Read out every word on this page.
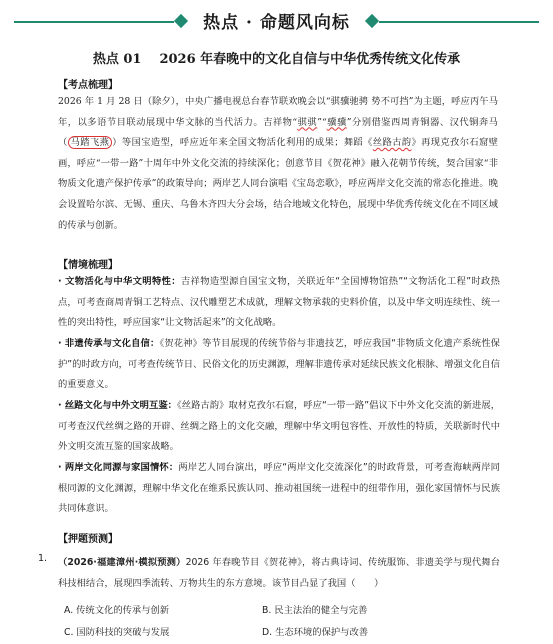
热点 · 命题风向标
热点 01 2026 年春晚中的文化自信与中华优秀传统文化传承
【考点梳理】
2026 年 1 月 28 日（除夕），中央广播电视总台春节联欢晚会以“骐骥驰骋 势不可挡”为主题，呼应丙午马年，以多语节目联动展现中华文脉的当代活力。吉祥物“骐骐”“骥骥”分别借鉴西周青铜器、汉代铜奔马（ 马踏飞燕 ）等国宝造型，呼应近年来全国文物活化利用的成果；舞蹈《丝路古韵》再现克孜尔石窟壁画，呼应“一带一路”十周年中外文化交流的持续深化；创意节目《贺花神》融入花朝节传统，契合国家“非物质文化遗产保护传承”的政策导向；两岸艺人同台演唱《宝岛恋歌》，呼应两岸文化交流的常态化推进。晚会设置哈尔滨、无锡、重庆、乌鲁木齐四大分会场，结合地域文化特色，展现中华优秀传统文化在不同区域的传承与创新。
【情境梳理】
· 文物活化与中华文明特性：吉祥物造型源自国宝文物，关联近年“全国博物馆热”“文物活化工程”时政热点，可考查商周青铜工艺特点、汉代雕塑艺术成就，理解文物承载的史料价值，以及中华文明连续性、统一性的突出特性，呼应国家“让文物活起来”的文化战略。
· 非遗传承与文化自信：《贺花神》等节目展现的传统节俗与非遗技艺，呼应我国“非物质文化遗产系统性保护”的时政方向，可考查传统节日、民俗文化的历史渊源，理解非遗传承对延续民族文化根脉、增强文化自信的重要意义。
· 丝路文化与中外文明互鉴：《丝路古韵》取材克孜尔石窟，呼应“一带一路”倡议下中外文化交流的新进展，可考查汉代丝绸之路的开辟、丝绸之路上的文化交融，理解中华文明包容性、开放性的特质，关联新时代中外文明交流互鉴的国家战略。
· 两岸文化同源与家国情怀：两岸艺人同台演出，呼应“两岸文化交流深化”的时政背景，可考查海峡两岸同根同源的文化渊源，理解中华文化在维系民族认同、推动祖国统一进程中的纽带作用，强化家国情怀与民族共同体意识。
【押题预测】
1. （2026·福建漳州·模拟预测）2026 年春晚节目《贺花神》，将古典诗词、传统服饰、非遗美学与现代舞台科技相结合，展现四季流转、万物共生的东方意境。该节目凸显了我国（　　）
A. 传统文化的传承与创新	B. 民主法治的健全与完善
C. 国防科技的突破与发展	D. 生态环境的保护与改善
